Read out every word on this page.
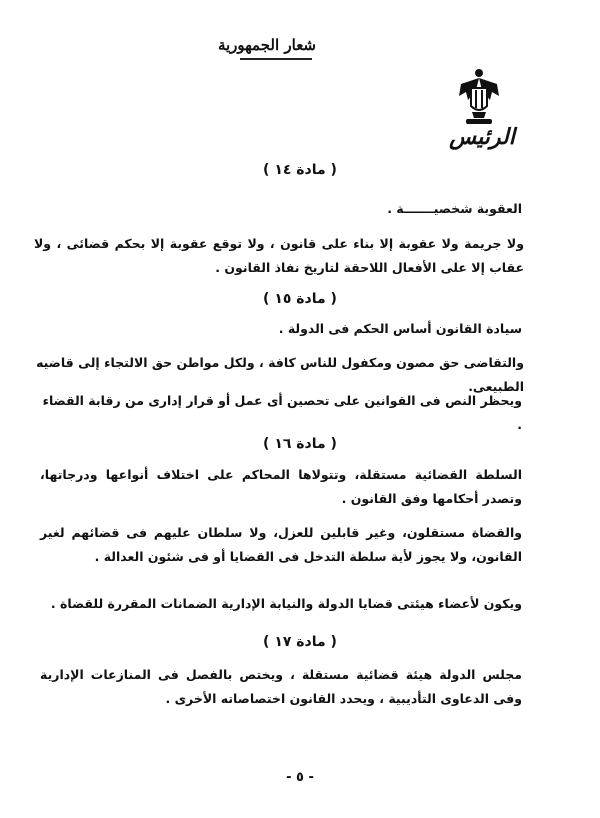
شعار الجمهورية
الرئيس
( مادة ١٤ )
العقوبة شخصيـــــــة .
ولا جريمة ولا عقوبة إلا بناء على قانون ، ولا توقع عقوبة إلا بحكم قضائى ، ولا عقاب إلا على الأفعال اللاحقة لتاريخ نفاذ القانون .
( مادة ١٥ )
سيادة القانون أساس الحكم فى الدولة .
والتقاضى حق مصون ومكفول للناس كافة ، ولكل مواطن حق الالتجاء إلى قاضيه الطبيعى.
ويحظر النص فى القوانين على تحصين أى عمل أو قرار إدارى من رقابة القضاء .
( مادة ١٦ )
السلطة القضائية مستقلة، وتتولاها المحاكم على اختلاف أنواعها ودرجاتها، وتصدر أحكامها وفق القانون .
والقضاة مستقلون، وغير قابلين للعزل، ولا سلطان عليهم فى قضائهم لغير القانون، ولا يجوز لأية سلطة التدخل فى القضايا أو فى شئون العدالة .
ويكون لأعضاء هيئتى قضايا الدولة والنيابة الإدارية الضمانات المقررة للقضاة .
( مادة ١٧ )
مجلس الدولة هيئة قضائية مستقلة ، ويختص بالفصل فى المنازعات الإدارية وفى الدعاوى التأديبية ، ويحدد القانون اختصاصاته الأخرى .
- ٥ -
